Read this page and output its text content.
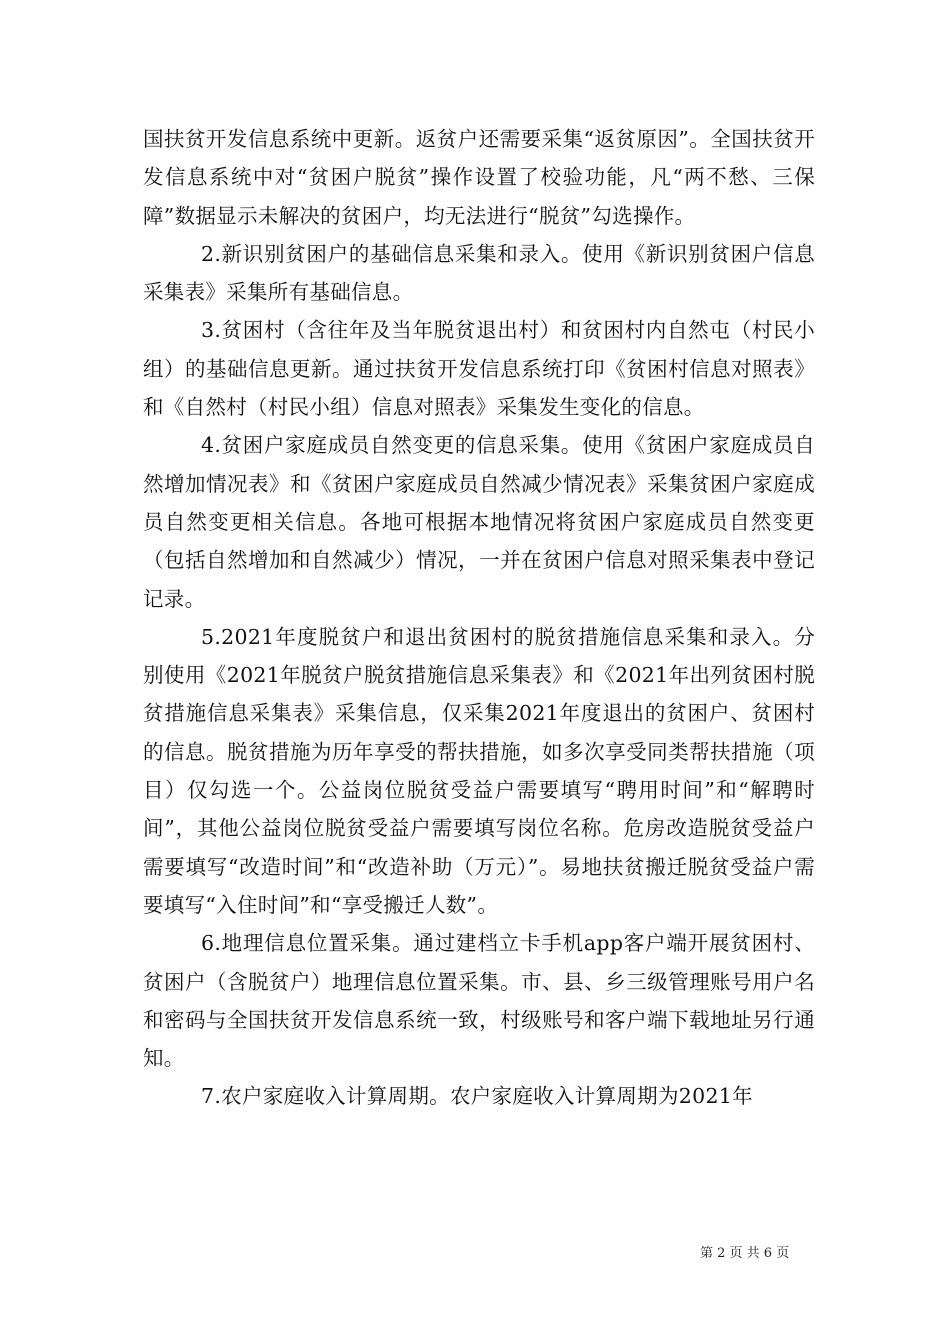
国扶贫开发信息系统中更新。返贫户还需要采集“返贫原因”。全国扶贫开发信息系统中对“贫困户脱贫”操作设置了校验功能，凡“两不愁、三保障”数据显示未解决的贫困户，均无法进行“脱贫”勾选操作。

2.新识别贫困户的基础信息采集和录入。使用《新识别贫困户信息采集表》采集所有基础信息。

3.贫困村（含往年及当年脱贫退出村）和贫困村内自然屯（村民小组）的基础信息更新。通过扶贫开发信息系统打印《贫困村信息对照表》和《自然村（村民小组）信息对照表》采集发生变化的信息。

4.贫困户家庭成员自然变更的信息采集。使用《贫困户家庭成员自然增加情况表》和《贫困户家庭成员自然减少情况表》采集贫困户家庭成员自然变更相关信息。各地可根据本地情况将贫困户家庭成员自然变更（包括自然增加和自然减少）情况，一并在贫困户信息对照采集表中登记记录。

5.2021年度脱贫户和退出贫困村的脱贫措施信息采集和录入。分别使用《2021年脱贫户脱贫措施信息采集表》和《2021年出列贫困村脱贫措施信息采集表》采集信息，仅采集2021年度退出的贫困户、贫困村的信息。脱贫措施为历年享受的帮扶措施，如多次享受同类帮扶措施（项目）仅勾选一个。公益岗位脱贫受益户需要填写“聘用时间”和“解聘时间”，其他公益岗位脱贫受益户需要填写岗位名称。危房改造脱贫受益户需要填写“改造时间”和“改造补助（万元）”。易地扶贫搬迁脱贫受益户需要填写“入住时间”和“享受搬迁人数”。

6.地理信息位置采集。通过建档立卡手机app客户端开展贫困村、贫困户（含脱贫户）地理信息位置采集。市、县、乡三级管理账号用户名和密码与全国扶贫开发信息系统一致，村级账号和客户端下载地址另行通知。

7.农户家庭收入计算周期。农户家庭收入计算周期为2021年

第 2 页 共 6 页
